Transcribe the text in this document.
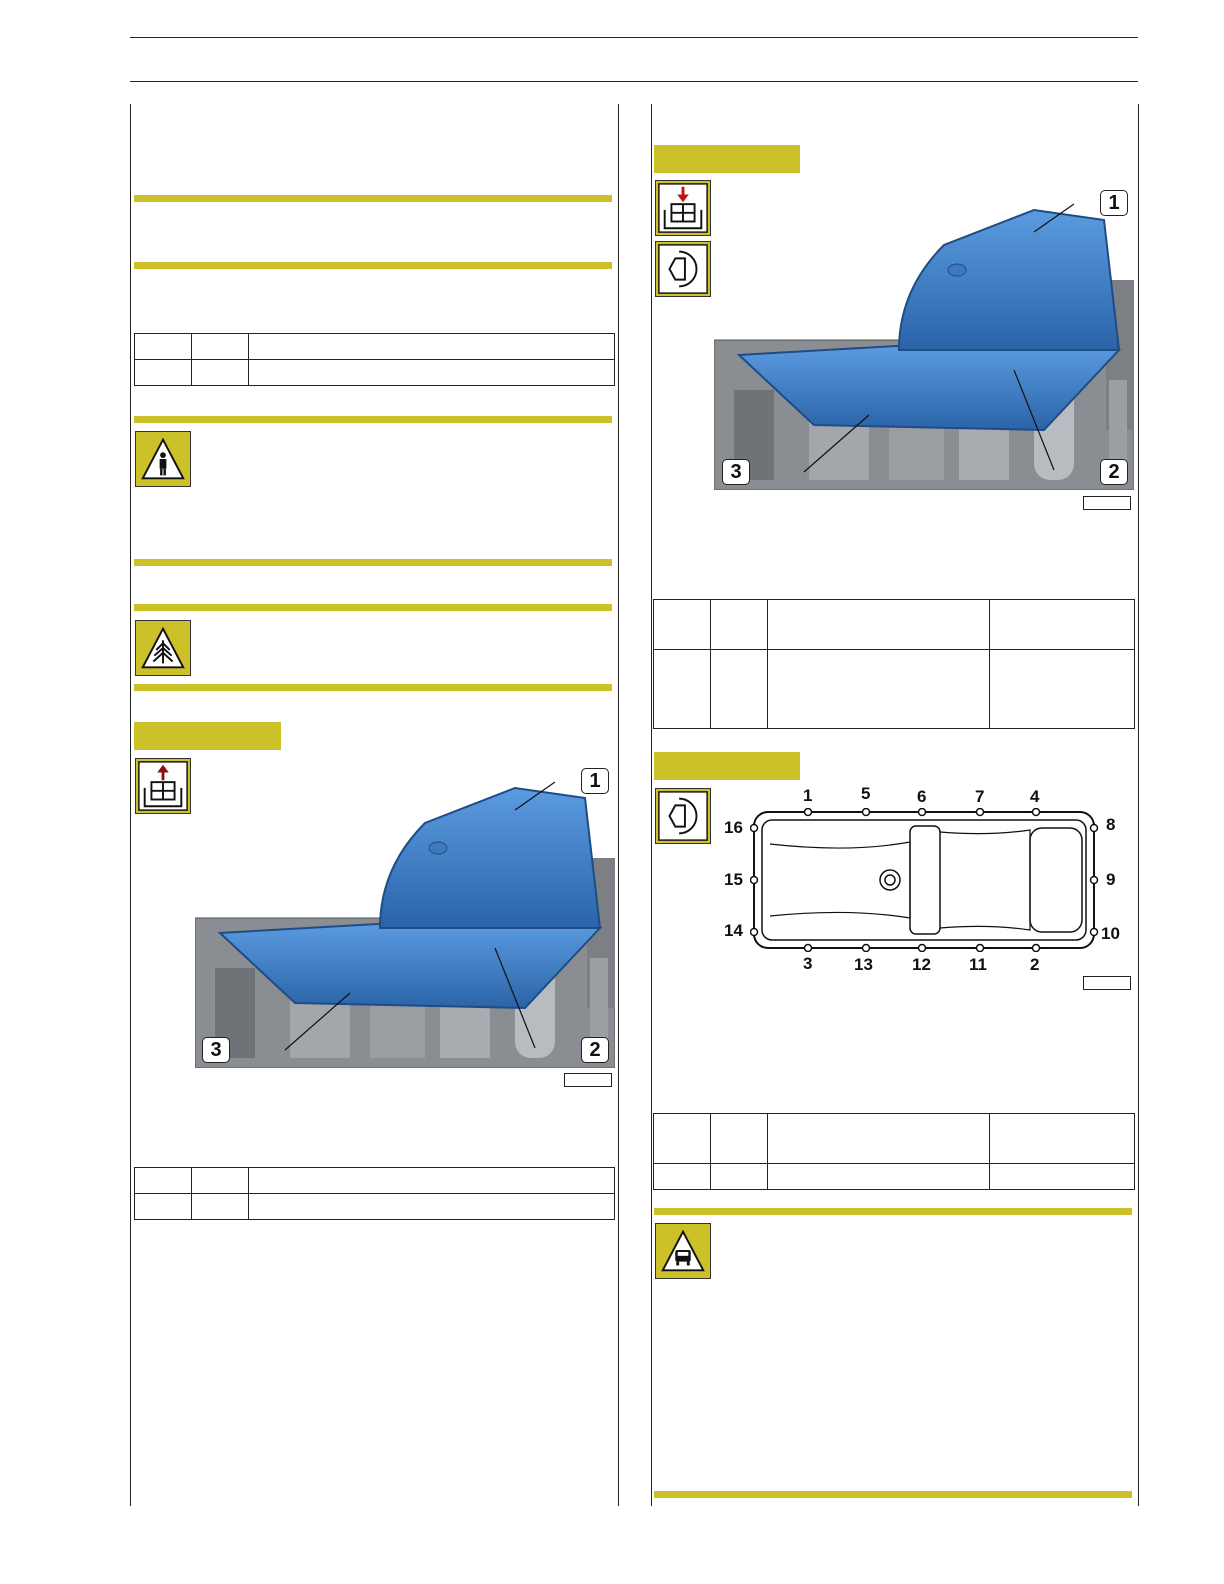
1
2
3

1
2
3

1	5	6	7	4
3 13 12 11	2
16
15
14
8
9
10
